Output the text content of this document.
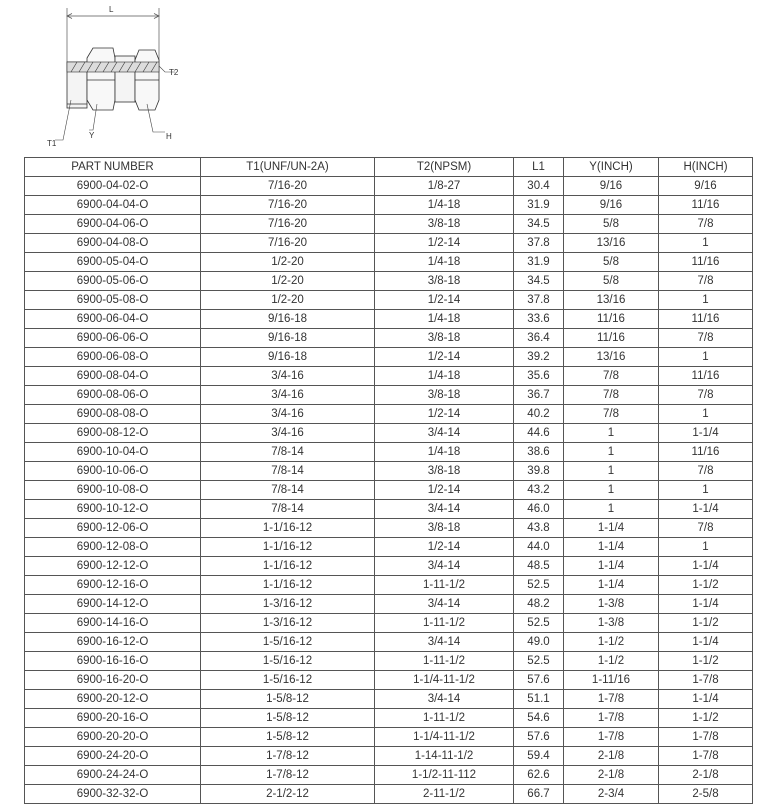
L
T2
T1
Y	H
PART NUMBER	T1(UNF/UN-2A)	T2(NPSM)	L1	Y(INCH)	H(INCH)
6900-04-02-O	7/16-20	1/8-27	30.4	9/16	9/16
6900-04-04-O	7/16-20	1/4-18	31.9	9/16	11/16
6900-04-06-O	7/16-20	3/8-18	34.5	5/8	7/8
6900-04-08-O	7/16-20	1/2-14	37.8	13/16	1
6900-05-04-O	1/2-20	1/4-18	31.9	5/8	11/16
6900-05-06-O	1/2-20	3/8-18	34.5	5/8	7/8
6900-05-08-O	1/2-20	1/2-14	37.8	13/16	1
6900-06-04-O	9/16-18	1/4-18	33.6	11/16	11/16
6900-06-06-O	9/16-18	3/8-18	36.4	11/16	7/8
6900-06-08-O	9/16-18	1/2-14	39.2	13/16	1
6900-08-04-O	3/4-16	1/4-18	35.6	7/8	11/16
6900-08-06-O	3/4-16	3/8-18	36.7	7/8	7/8
6900-08-08-O	3/4-16	1/2-14	40.2	7/8	1
6900-08-12-O	3/4-16	3/4-14	44.6	1	1-1/4
6900-10-04-O	7/8-14	1/4-18	38.6	1	11/16
6900-10-06-O	7/8-14	3/8-18	39.8	1	7/8
6900-10-08-O	7/8-14	1/2-14	43.2	1	1
6900-10-12-O	7/8-14	3/4-14	46.0	1	1-1/4
6900-12-06-O	1-1/16-12	3/8-18	43.8	1-1/4	7/8
6900-12-08-O	1-1/16-12	1/2-14	44.0	1-1/4	1
6900-12-12-O	1-1/16-12	3/4-14	48.5	1-1/4	1-1/4
6900-12-16-O	1-1/16-12	1-11-1/2	52.5	1-1/4	1-1/2
6900-14-12-O	1-3/16-12	3/4-14	48.2	1-3/8	1-1/4
6900-14-16-O	1-3/16-12	1-11-1/2	52.5	1-3/8	1-1/2
6900-16-12-O	1-5/16-12	3/4-14	49.0	1-1/2	1-1/4
6900-16-16-O	1-5/16-12	1-11-1/2	52.5	1-1/2	1-1/2
6900-16-20-O	1-5/16-12	1-1/4-11-1/2	57.6	1-11/16	1-7/8
6900-20-12-O	1-5/8-12	3/4-14	51.1	1-7/8	1-1/4
6900-20-16-O	1-5/8-12	1-11-1/2	54.6	1-7/8	1-1/2
6900-20-20-O	1-5/8-12	1-1/4-11-1/2	57.6	1-7/8	1-7/8
6900-24-20-O	1-7/8-12	1-14-11-1/2	59.4	2-1/8	1-7/8
6900-24-24-O	1-7/8-12	1-1/2-11-112	62.6	2-1/8	2-1/8
6900-32-32-O	2-1/2-12	2-11-1/2	66.7	2-3/4	2-5/8
